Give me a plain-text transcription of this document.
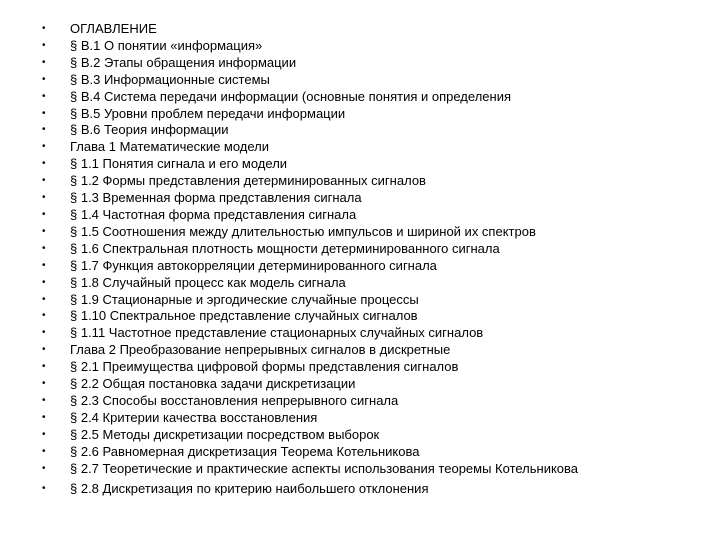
• ОГЛАВЛЕНИЕ
• § В.1 О понятии «информация»
• § В.2 Этапы обращения информации
• § В.3 Информационные системы
• § В.4 Система передачи информации (основные понятия и определения
• § В.5 Уровни проблем передачи информации
• § В.6 Теория информации
• Глава 1 Математические модели
• § 1.1 Понятия сигнала и его модели
• § 1.2 Формы представления детерминированных сигналов
• § 1.3 Временная форма представления сигнала
• § 1.4 Частотная форма представления сигнала
• § 1.5 Соотношения между длительностью импульсов и шириной их спектров
• § 1.6 Спектральная плотность мощности детерминированного сигнала
• § 1.7 Функция автокорреляции детерминированного сигнала
• § 1.8 Случайный процесс как модель сигнала
• § 1.9 Стационарные и эргодические случайные процессы
• § 1.10 Спектральное представление случайных сигналов
• § 1.11 Частотное представление стационарных случайных сигналов
• Глава 2 Преобразование непрерывных сигналов в дискретные
• § 2.1 Преимущества цифровой формы представления сигналов
• § 2.2 Общая постановка задачи дискретизации
• § 2.3 Способы восстановления непрерывного сигнала
• § 2.4 Критерии качества восстановления
• § 2.5 Методы дискретизации посредством выборок
• § 2.6 Равномерная дискретизация Теорема Котельникова
• § 2.7 Теоретические и практические аспекты использования теоремы Котельникова
• § 2.8 Дискретизация по критерию наибольшего отклонения
